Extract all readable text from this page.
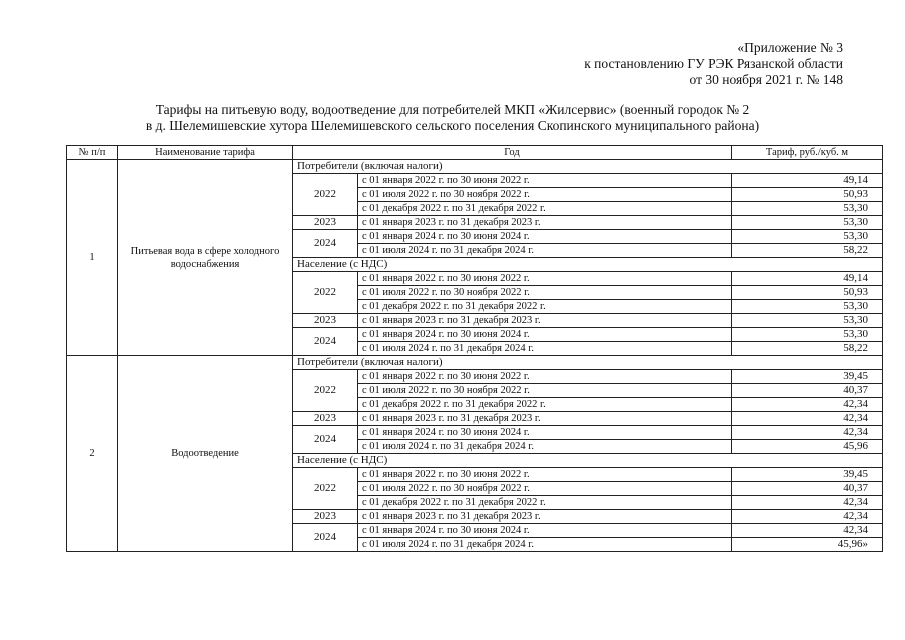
«Приложение № 3
к постановлению ГУ РЭК Рязанской области
от 30 ноября 2021 г. № 148
Тарифы на питьевую воду, водоотведение для потребителей МКП «Жилсервис» (военный городок № 2
в д. Шелемишевские хутора Шелемишевского сельского поселения Скопинского муниципального района)
№ п/п	Наименование тарифа	Год		Тариф, руб./куб. м
1	Питьевая вода в сфере холодного водоснабжения	Потребители (включая налоги)		
		2022	с 01 января 2022 г. по 30 июня 2022 г.	49,14
			с 01 июля 2022 г. по 30 ноября 2022 г.	50,93
			с 01 декабря 2022 г. по 31 декабря 2022 г.	53,30
		2023	с 01 января 2023 г. по 31 декабря 2023 г.	53,30
		2024	с 01 января 2024 г. по 30 июня 2024 г.	53,30
			с 01 июля 2024 г. по 31 декабря 2024 г.	58,22
		Население (с НДС)		
		2022	с 01 января 2022 г. по 30 июня 2022 г.	49,14
			с 01 июля 2022 г. по 30 ноября 2022 г.	50,93
			с 01 декабря 2022 г. по 31 декабря 2022 г.	53,30
		2023	с 01 января 2023 г. по 31 декабря 2023 г.	53,30
		2024	с 01 января 2024 г. по 30 июня 2024 г.	53,30
			с 01 июля 2024 г. по 31 декабря 2024 г.	58,22
2	Водоотведение	Потребители (включая налоги)		
		2022	с 01 января 2022 г. по 30 июня 2022 г.	39,45
			с 01 июля 2022 г. по 30 ноября 2022 г.	40,37
			с 01 декабря 2022 г. по 31 декабря 2022 г.	42,34
		2023	с 01 января 2023 г. по 31 декабря 2023 г.	42,34
		2024	с 01 января 2024 г. по 30 июня 2024 г.	42,34
			с 01 июля 2024 г. по 31 декабря 2024 г.	45,96
		Население (с НДС)		
		2022	с 01 января 2022 г. по 30 июня 2022 г.	39,45
			с 01 июля 2022 г. по 30 ноября 2022 г.	40,37
			с 01 декабря 2022 г. по 31 декабря 2022 г.	42,34
		2023	с 01 января 2023 г. по 31 декабря 2023 г.	42,34
		2024	с 01 января 2024 г. по 30 июня 2024 г.	42,34
			с 01 июля 2024 г. по 31 декабря 2024 г.	45,96»
